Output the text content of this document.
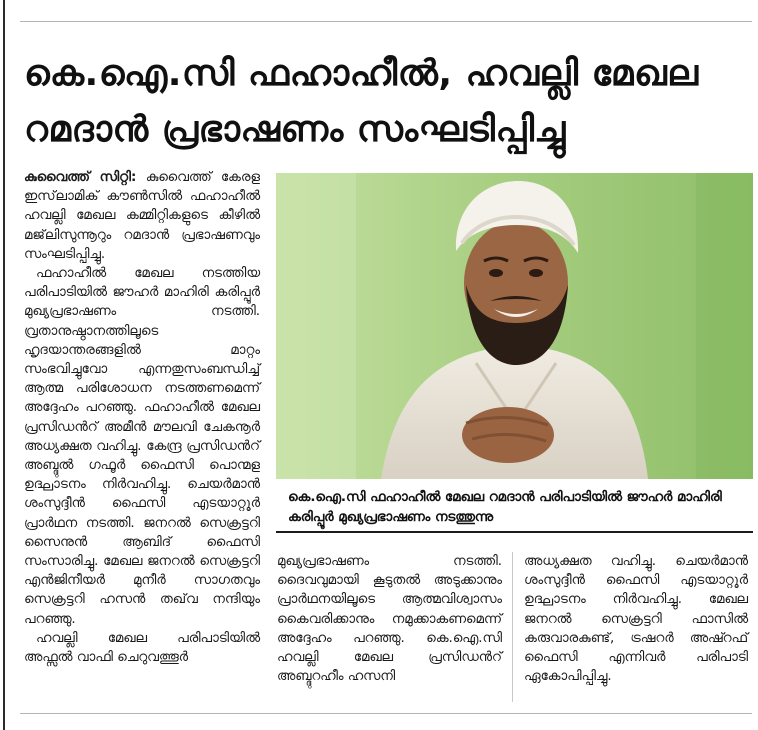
കെ.ഐ.സി ഫഹാഹീൽ, ഹവല്ലി മേഖല റമദാൻ പ്രഭാഷണം സംഘടിപ്പിച്ചു

കുവൈത്ത് സിറ്റി: കുവൈത്ത് കേരള ഇസ്‌ലാമിക് കൗൺസിൽ ഫഹാഹീൽ ഹവല്ലി മേഖല കമ്മിറ്റികളുടെ കീഴിൽ മജ്‌ലിസുന്നൂറും റമദാൻ പ്രഭാഷണവും സംഘടിപ്പിച്ചു.

ഫഹാഹീൽ മേഖല നടത്തിയ പരിപാടിയിൽ ജൗഹർ മാഹിരി കരിപ്പൂർ മുഖ്യപ്രഭാഷണം നടത്തി. വ്രതാനുഷ്ഠാനത്തിലൂടെ ഹൃദയാന്തരങ്ങളിൽ മാറ്റം സംഭവിച്ചുവോ എന്നതുസംബന്ധിച്ച് ആത്മ പരിശോധന നടത്തണമെന്ന് അദ്ദേഹം പറഞ്ഞു. ഫഹാഹീൽ മേഖല പ്രസിഡൻറ് അമീൻ മൗലവി ചേകനൂർ അധ്യക്ഷത വഹിച്ചു. കേന്ദ്ര പ്രസിഡൻറ് അബ്ദുൽ ഗഫൂർ ഫൈസി പൊന്മള ഉദ്ഘാടനം നിർവഹിച്ചു. ചെയർമാൻ ശംസുദ്ദീൻ ഫൈസി എടയാറ്റൂർ പ്രാർഥന നടത്തി. ജനറൽ സെക്രട്ടറി സൈനുൻ ആബിദ് ഫൈസി സംസാരിച്ചു. മേഖല ജനറൽ സെക്രട്ടറി എൻജിനീയർ മുനീർ സാഗതവും സെക്രട്ടറി ഹസൻ തഖ്‌വ നന്ദിയും പറഞ്ഞു.

ഹവല്ലി മേഖല പരിപാടിയിൽ അഫ്സൽ വാഫി ചെറുവത്തൂർ

കെ.ഐ.സി ഫഹാഹീൽ മേഖല റമദാൻ പരിപാടിയിൽ ജൗഹർ മാഹിരി കരിപ്പൂർ മുഖ്യപ്രഭാഷണം നടത്തുന്നു

മുഖ്യപ്രഭാഷണം നടത്തി. ദൈവവുമായി കൂടുതൽ അടുക്കാനും പ്രാർഥനയിലൂടെ ആത്മവിശ്വാസം കൈവരിക്കാനും നമുക്കാകണമെന്ന് അദ്ദേഹം പറഞ്ഞു. കെ.ഐ.സി ഹവല്ലി മേഖല പ്രസിഡൻറ് അബ്ദുറഹീം ഹസനി

അധ്യക്ഷത വഹിച്ചു. ചെയർമാൻ ശംസുദ്ദീൻ ഫൈസി എടയാറ്റൂർ ഉദ്ഘാടനം നിർവഹിച്ചു. മേഖല ജനറൽ സെക്രട്ടറി ഫാസിൽ കരുവാരകുണ്ട്, ട്രഷറർ അഷ്റഫ് ഫൈസി എന്നിവർ പരിപാടി ഏകോപിപ്പിച്ചു.
